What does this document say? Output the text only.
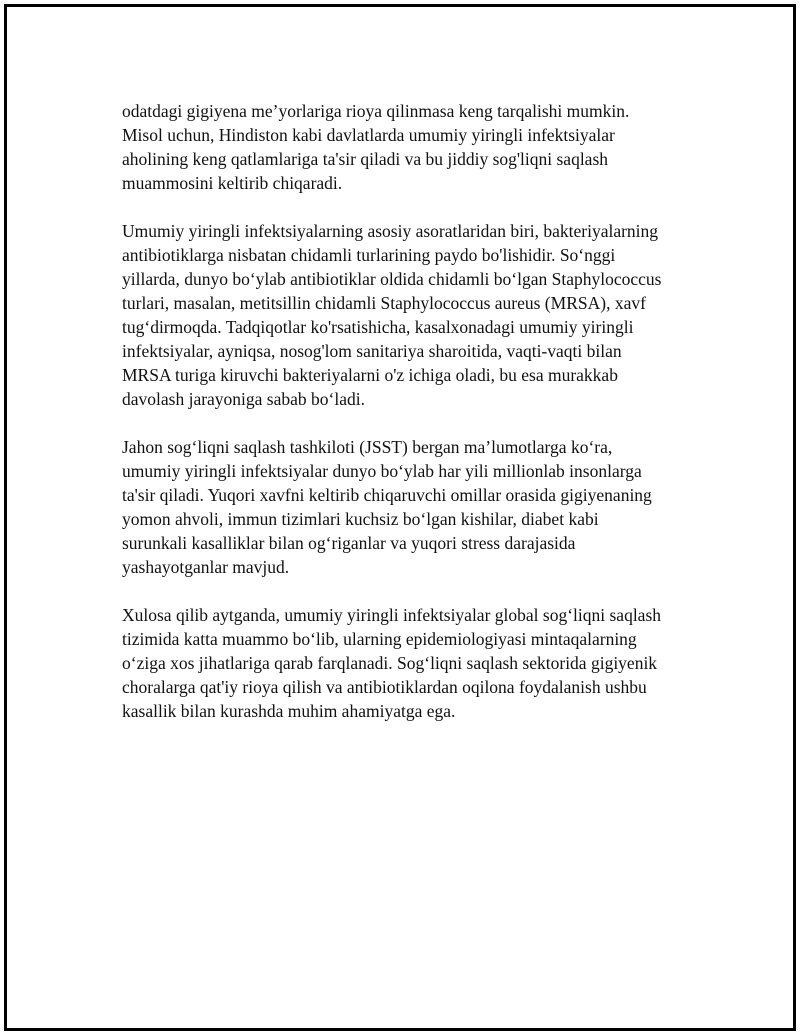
odatdagi gigiyena me’yorlariga rioya qilinmasa keng tarqalishi mumkin.
Misol uchun, Hindiston kabi davlatlarda umumiy yiringli infektsiyalar
aholining keng qatlamlariga ta'sir qiladi va bu jiddiy sog'liqni saqlash
muammosini keltirib chiqaradi.

Umumiy yiringli infektsiyalarning asosiy asoratlaridan biri, bakteriyalarning
antibiotiklarga nisbatan chidamli turlarining paydo bo'lishidir. So‘nggi
yillarda, dunyo bo‘ylab antibiotiklar oldida chidamli bo‘lgan Staphylococcus
turlari, masalan, metitsillin chidamli Staphylococcus aureus (MRSA), xavf
tug‘dirmoqda. Tadqiqotlar ko'rsatishicha, kasalxonadagi umumiy yiringli
infektsiyalar, ayniqsa, nosog'lom sanitariya sharoitida, vaqti-vaqti bilan
MRSA turiga kiruvchi bakteriyalarni o'z ichiga oladi, bu esa murakkab
davolash jarayoniga sabab bo‘ladi.

Jahon sog‘liqni saqlash tashkiloti (JSST) bergan ma’lumotlarga ko‘ra,
umumiy yiringli infektsiyalar dunyo bo‘ylab har yili millionlab insonlarga
ta'sir qiladi. Yuqori xavfni keltirib chiqaruvchi omillar orasida gigiyenaning
yomon ahvoli, immun tizimlari kuchsiz bo‘lgan kishilar, diabet kabi
surunkali kasalliklar bilan og‘riganlar va yuqori stress darajasida
yashayotganlar mavjud.

Xulosa qilib aytganda, umumiy yiringli infektsiyalar global sog‘liqni saqlash
tizimida katta muammo bo‘lib, ularning epidemiologiyasi mintaqalarning
o‘ziga xos jihatlariga qarab farqlanadi. Sog‘liqni saqlash sektorida gigiyenik
choralarga qat'iy rioya qilish va antibiotiklardan oqilona foydalanish ushbu
kasallik bilan kurashda muhim ahamiyatga ega.
